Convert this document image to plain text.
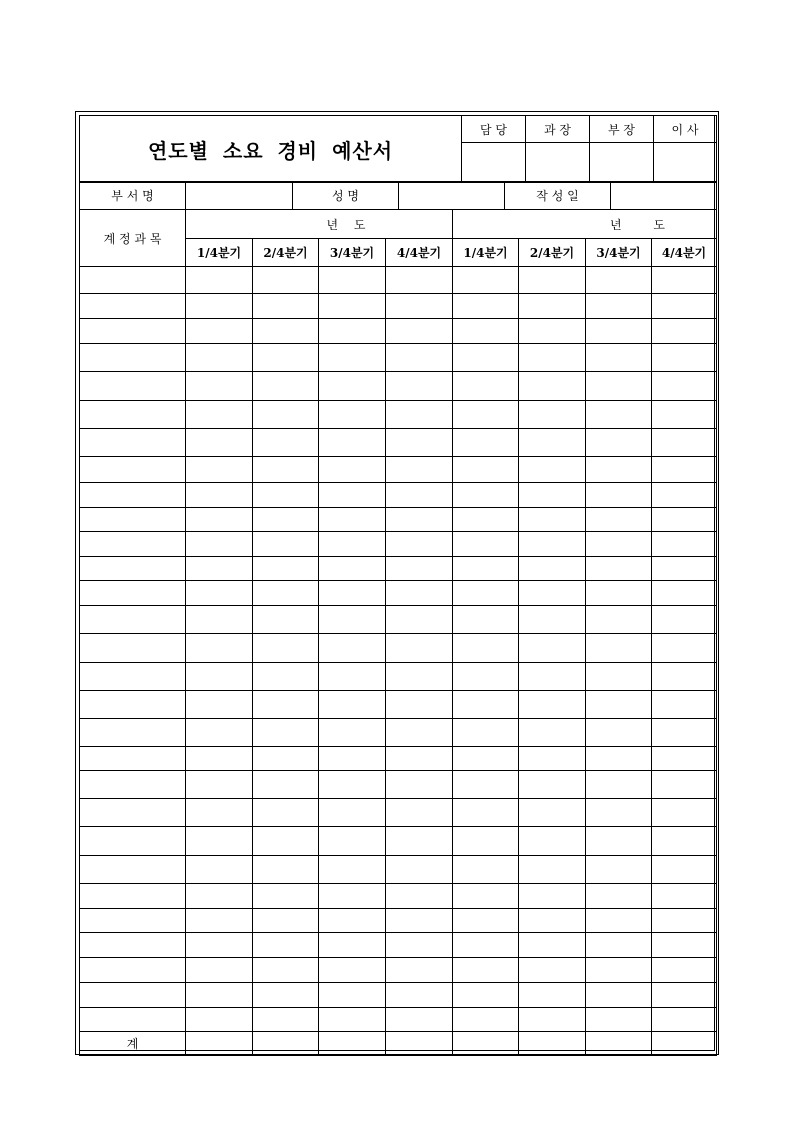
연도별 소요 경비 예산서	담 당	과 장	부 장	이 사

부 서 명		성 명		작 성 일	
계 정 과 목	년 도				년 도			
	1/4분기	2/4분기	3/4분기	4/4분기	1/4분기	2/4분기	3/4분기	4/4분기

계								
